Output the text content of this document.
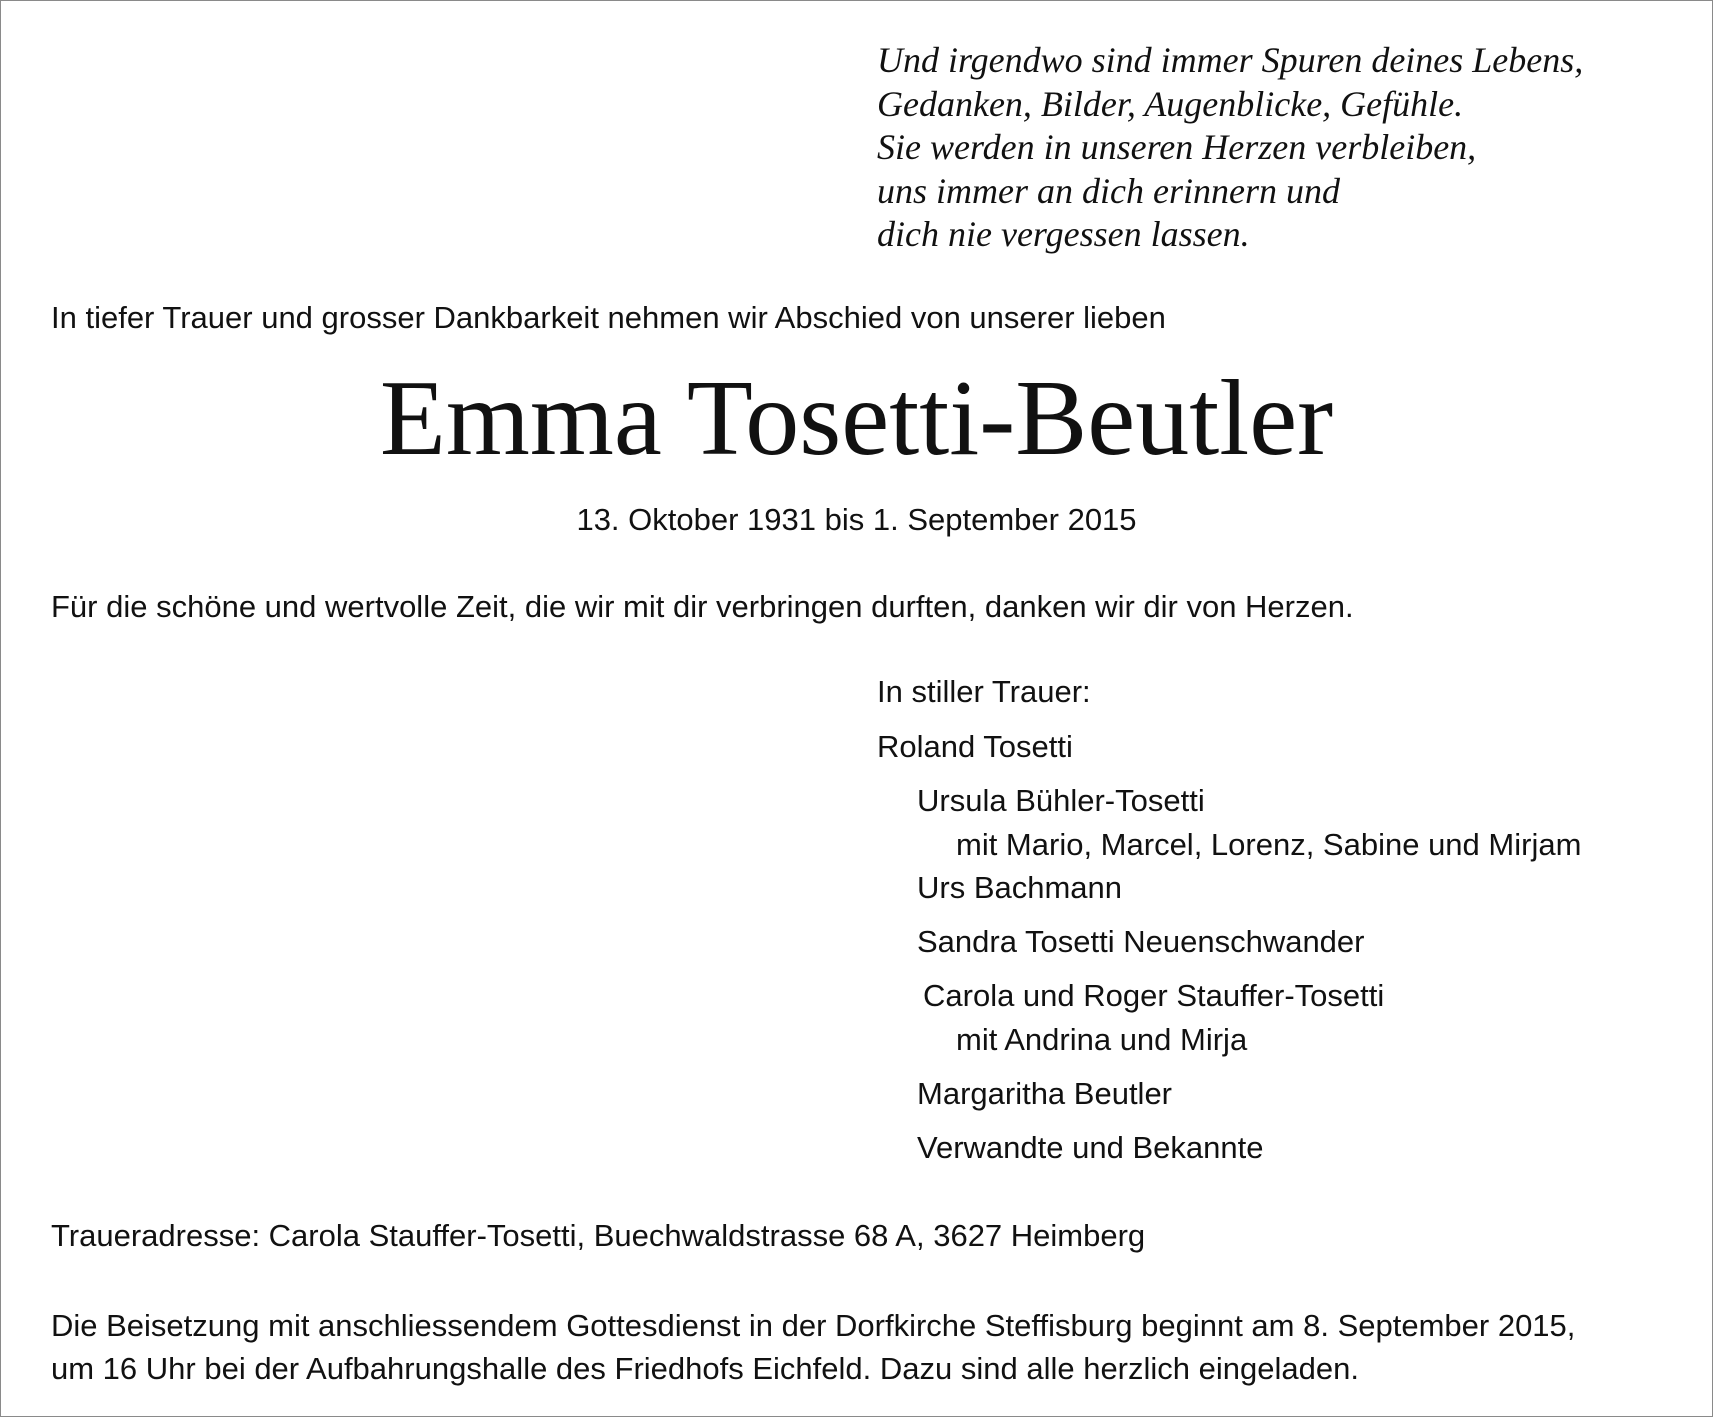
Und irgendwo sind immer Spuren deines Lebens,
Gedanken, Bilder, Augenblicke, Gefühle.
Sie werden in unseren Herzen verbleiben,
uns immer an dich erinnern und
dich nie vergessen lassen.

In tiefer Trauer und grosser Dankbarkeit nehmen wir Abschied von unserer lieben

Emma Tosetti-Beutler
13. Oktober 1931 bis 1. September 2015

Für die schöne und wertvolle Zeit, die wir mit dir verbringen durften, danken wir dir von Herzen.

In stiller Trauer:

Roland Tosetti
Ursula Bühler-Tosetti
mit Mario, Marcel, Lorenz, Sabine und Mirjam
Urs Bachmann
Sandra Tosetti Neuenschwander
Carola und Roger Stauffer-Tosetti
mit Andrina und Mirja
Margaritha Beutler
Verwandte und Bekannte

Traueradresse: Carola Stauffer-Tosetti, Buechwaldstrasse 68 A, 3627 Heimberg

Die Beisetzung mit anschliessendem Gottesdienst in der Dorfkirche Steffisburg beginnt am 8. September 2015,
um 16 Uhr bei der Aufbahrungshalle des Friedhofs Eichfeld. Dazu sind alle herzlich eingeladen.
